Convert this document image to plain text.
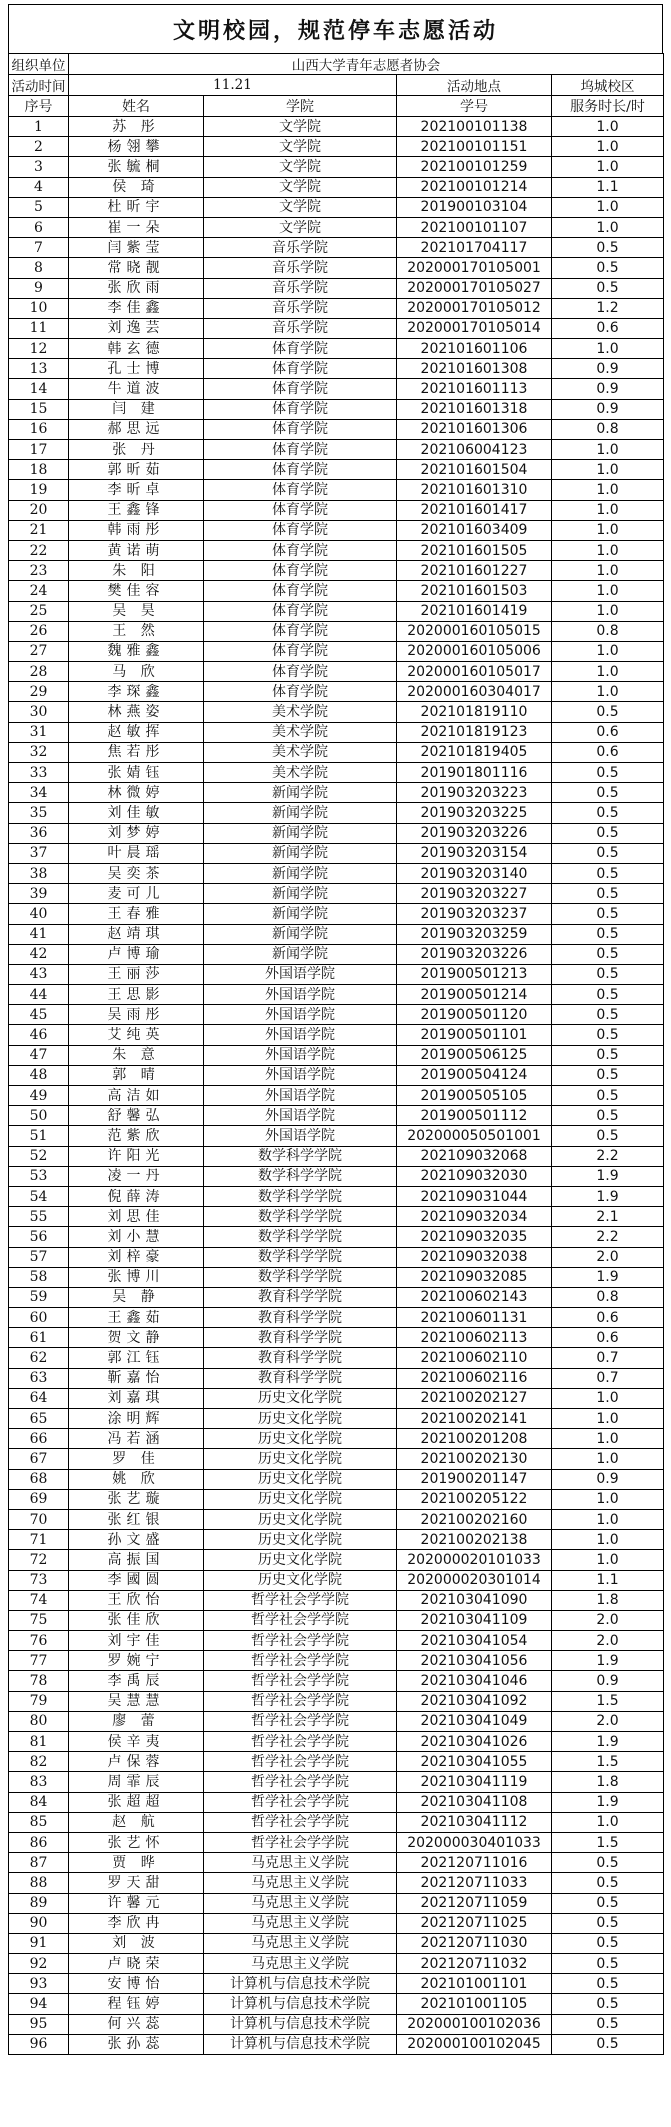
文明校园，规范停车志愿活动
组织单位	山西大学青年志愿者协会			
活动时间	11.21		活动地点	坞城校区
序号	姓名	学院	学号	服务时长/时
1	苏 彤	文学院	202100101138	1.0
2	杨翎攀	文学院	202100101151	1.0
3	张毓桐	文学院	202100101259	1.0
4	侯 琦	文学院	202100101214	1.1
5	杜昕宇	文学院	201900103104	1.0
6	崔一朵	文学院	202100101107	1.0
7	闫紫莹	音乐学院	202101704117	0.5
8	常晓靓	音乐学院	202000170105001	0.5
9	张欣雨	音乐学院	202000170105027	0.5
10	李佳鑫	音乐学院	202000170105012	1.2
11	刘逸芸	音乐学院	202000170105014	0.6
12	韩玄德	体育学院	202101601106	1.0
13	孔士博	体育学院	202101601308	0.9
14	牛道波	体育学院	202101601113	0.9
15	闫 建	体育学院	202101601318	0.9
16	郝思远	体育学院	202101601306	0.8
17	张 丹	体育学院	202106004123	1.0
18	郭昕茹	体育学院	202101601504	1.0
19	李昕卓	体育学院	202101601310	1.0
20	王鑫锋	体育学院	202101601417	1.0
21	韩雨彤	体育学院	202101603409	1.0
22	黄诺萌	体育学院	202101601505	1.0
23	朱 阳	体育学院	202101601227	1.0
24	樊佳容	体育学院	202101601503	1.0
25	吴 昊	体育学院	202101601419	1.0
26	王 然	体育学院	202000160105015	0.8
27	魏雅鑫	体育学院	202000160105006	1.0
28	马 欣	体育学院	202000160105017	1.0
29	李琛鑫	体育学院	202000160304017	1.0
30	林燕姿	美术学院	202101819110	0.5
31	赵敏挥	美术学院	202101819123	0.6
32	焦若彤	美术学院	202101819405	0.6
33	张婧钰	美术学院	201901801116	0.5
34	林微婷	新闻学院	201903203223	0.5
35	刘佳敏	新闻学院	201903203225	0.5
36	刘梦婷	新闻学院	201903203226	0.5
37	叶晨瑶	新闻学院	201903203154	0.5
38	吴奕茶	新闻学院	201903203140	0.5
39	麦可儿	新闻学院	201903203227	0.5
40	王春雅	新闻学院	201903203237	0.5
41	赵靖琪	新闻学院	201903203259	0.5
42	卢博瑜	新闻学院	201903203226	0.5
43	王丽莎	外国语学院	201900501213	0.5
44	王思影	外国语学院	201900501214	0.5
45	吴雨彤	外国语学院	201900501120	0.5
46	艾纯英	外国语学院	201900501101	0.5
47	朱 意	外国语学院	201900506125	0.5
48	郭 晴	外国语学院	201900504124	0.5
49	高洁如	外国语学院	201900505105	0.5
50	舒馨弘	外国语学院	201900501112	0.5
51	范紫欣	外国语学院	202000050501001	0.5
52	许阳光	数学科学学院	202109032068	2.2
53	凌一丹	数学科学学院	202109032030	1.9
54	倪薛涛	数学科学学院	202109031044	1.9
55	刘思佳	数学科学学院	202109032034	2.1
56	刘小慧	数学科学学院	202109032035	2.2
57	刘梓豪	数学科学学院	202109032038	2.0
58	张博川	数学科学学院	202109032085	1.9
59	吴 静	教育科学学院	202100602143	0.8
60	王鑫茹	教育科学学院	202100601131	0.6
61	贺文静	教育科学学院	202100602113	0.6
62	郭江钰	教育科学学院	202100602110	0.7
63	靳嘉怡	教育科学学院	202100602116	0.7
64	刘嘉琪	历史文化学院	202100202127	1.0
65	涂明辉	历史文化学院	202100202141	1.0
66	冯若涵	历史文化学院	202100201208	1.0
67	罗 佳	历史文化学院	202100202130	1.0
68	姚 欣	历史文化学院	201900201147	0.9
69	张艺璇	历史文化学院	202100205122	1.0
70	张红银	历史文化学院	202100202160	1.0
71	孙文盛	历史文化学院	202100202138	1.0
72	高振国	历史文化学院	202000020101033	1.0
73	李國圆	历史文化学院	202000020301014	1.1
74	王欣怡	哲学社会学学院	202103041090	1.8
75	张佳欣	哲学社会学学院	202103041109	2.0
76	刘宇佳	哲学社会学学院	202103041054	2.0
77	罗婉宁	哲学社会学学院	202103041056	1.9
78	李禹辰	哲学社会学学院	202103041046	0.9
79	吴慧慧	哲学社会学学院	202103041092	1.5
80	廖 蕾	哲学社会学学院	202103041049	2.0
81	侯辛夷	哲学社会学学院	202103041026	1.9
82	卢保蓉	哲学社会学学院	202103041055	1.5
83	周霏辰	哲学社会学学院	202103041119	1.8
84	张超超	哲学社会学学院	202103041108	1.9
85	赵 航	哲学社会学学院	202103041112	1.0
86	张艺怀	哲学社会学学院	202000030401033	1.5
87	贾 晔	马克思主义学院	202120711016	0.5
88	罗天甜	马克思主义学院	202120711033	0.5
89	许馨元	马克思主义学院	202120711059	0.5
90	李欣冉	马克思主义学院	202120711025	0.5
91	刘 波	马克思主义学院	202120711030	0.5
92	卢晓荣	马克思主义学院	202120711032	0.5
93	安博怡	计算机与信息技术学院	202101001101	0.5
94	程钰婷	计算机与信息技术学院	202101001105	0.5
95	何兴蕊	计算机与信息技术学院	202000100102036	0.5
96	张孙蕊	计算机与信息技术学院	202000100102045	0.5
